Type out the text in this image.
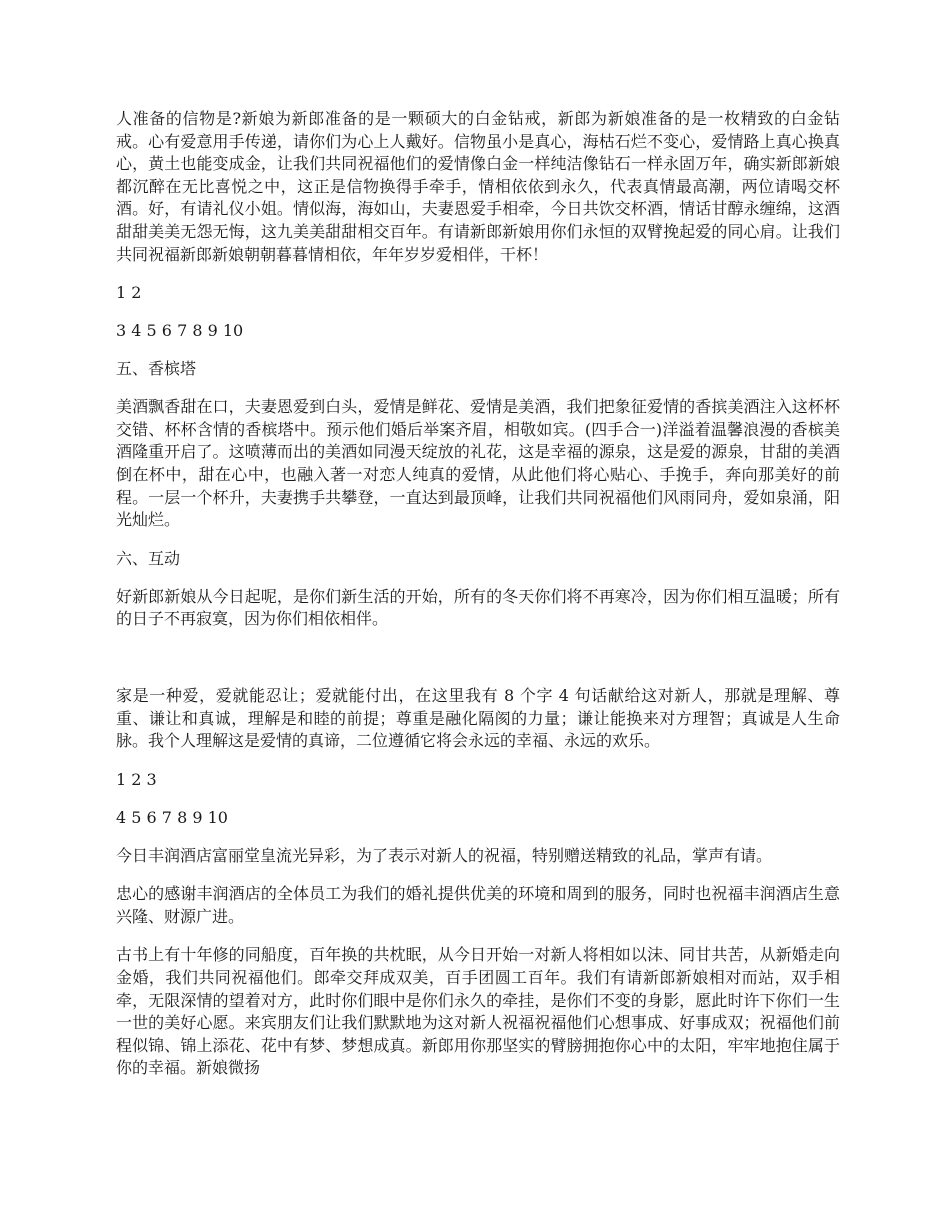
人准备的信物是?新娘为新郎准备的是一颗硕大的白金钻戒，新郎为新娘准备的是一枚精致的白金钻戒。心有爱意用手传递，请你们为心上人戴好。信物虽小是真心，海枯石烂不变心，爱情路上真心换真心，黄土也能变成金，让我们共同祝福他们的爱情像白金一样纯洁像钻石一样永固万年，确实新郎新娘都沉醉在无比喜悦之中，这正是信物换得手牵手，情相依依到永久，代表真情最高潮，两位请喝交杯酒。好，有请礼仪小姐。情似海，海如山，夫妻恩爱手相牵，今日共饮交杯酒，情话甘醇永缠绵，这酒甜甜美美无怨无悔，这九美美甜甜相交百年。有请新郎新娘用你们永恒的双臂挽起爱的同心肩。让我们共同祝福新郎新娘朝朝暮暮情相依，年年岁岁爱相伴，干杯！

1 2

3 4 5 6 7 8 9 10

五、香槟塔

美酒飘香甜在口，夫妻恩爱到白头，爱情是鲜花、爱情是美酒，我们把象征爱情的香摈美酒注入这杯杯交错、杯杯含情的香槟塔中。预示他们婚后举案齐眉，相敬如宾。(四手合一)洋溢着温馨浪漫的香槟美酒隆重开启了。这喷薄而出的美酒如同漫天绽放的礼花，这是幸福的源泉，这是爱的源泉，甘甜的美酒倒在杯中，甜在心中，也融入著一对恋人纯真的爱情，从此他们将心贴心、手挽手，奔向那美好的前程。一层一个杯升，夫妻携手共攀登，一直达到最顶峰，让我们共同祝福他们风雨同舟，爱如泉涌，阳光灿烂。

六、互动

好新郎新娘从今日起呢，是你们新生活的开始，所有的冬天你们将不再寒冷，因为你们相互温暖；所有的日子不再寂寞，因为你们相依相伴。

家是一种爱，爱就能忍让；爱就能付出，在这里我有 8 个字 4 句话献给这对新人，那就是理解、尊重、谦让和真诚，理解是和睦的前提；尊重是融化隔阂的力量；谦让能换来对方理智；真诚是人生命脉。我个人理解这是爱情的真谛，二位遵循它将会永远的幸福、永远的欢乐。

1 2 3

4 5 6 7 8 9 10

今日丰润酒店富丽堂皇流光异彩，为了表示对新人的祝福，特别赠送精致的礼品，掌声有请。

忠心的感谢丰润酒店的全体员工为我们的婚礼提供优美的环境和周到的服务，同时也祝福丰润酒店生意兴隆、财源广进。

古书上有十年修的同船度，百年换的共枕眠，从今日开始一对新人将相如以沫、同甘共苦，从新婚走向金婚，我们共同祝福他们。郎牵交拜成双美，百手团圆工百年。我们有请新郎新娘相对而站，双手相牵，无限深情的望着对方，此时你们眼中是你们永久的牵挂，是你们不变的身影，愿此时许下你们一生一世的美好心愿。来宾朋友们让我们默默地为这对新人祝福祝福他们心想事成、好事成双；祝福他们前程似锦、锦上添花、花中有梦、梦想成真。新郎用你那坚实的臂膀拥抱你心中的太阳，牢牢地抱住属于你的幸福。新娘微扬
